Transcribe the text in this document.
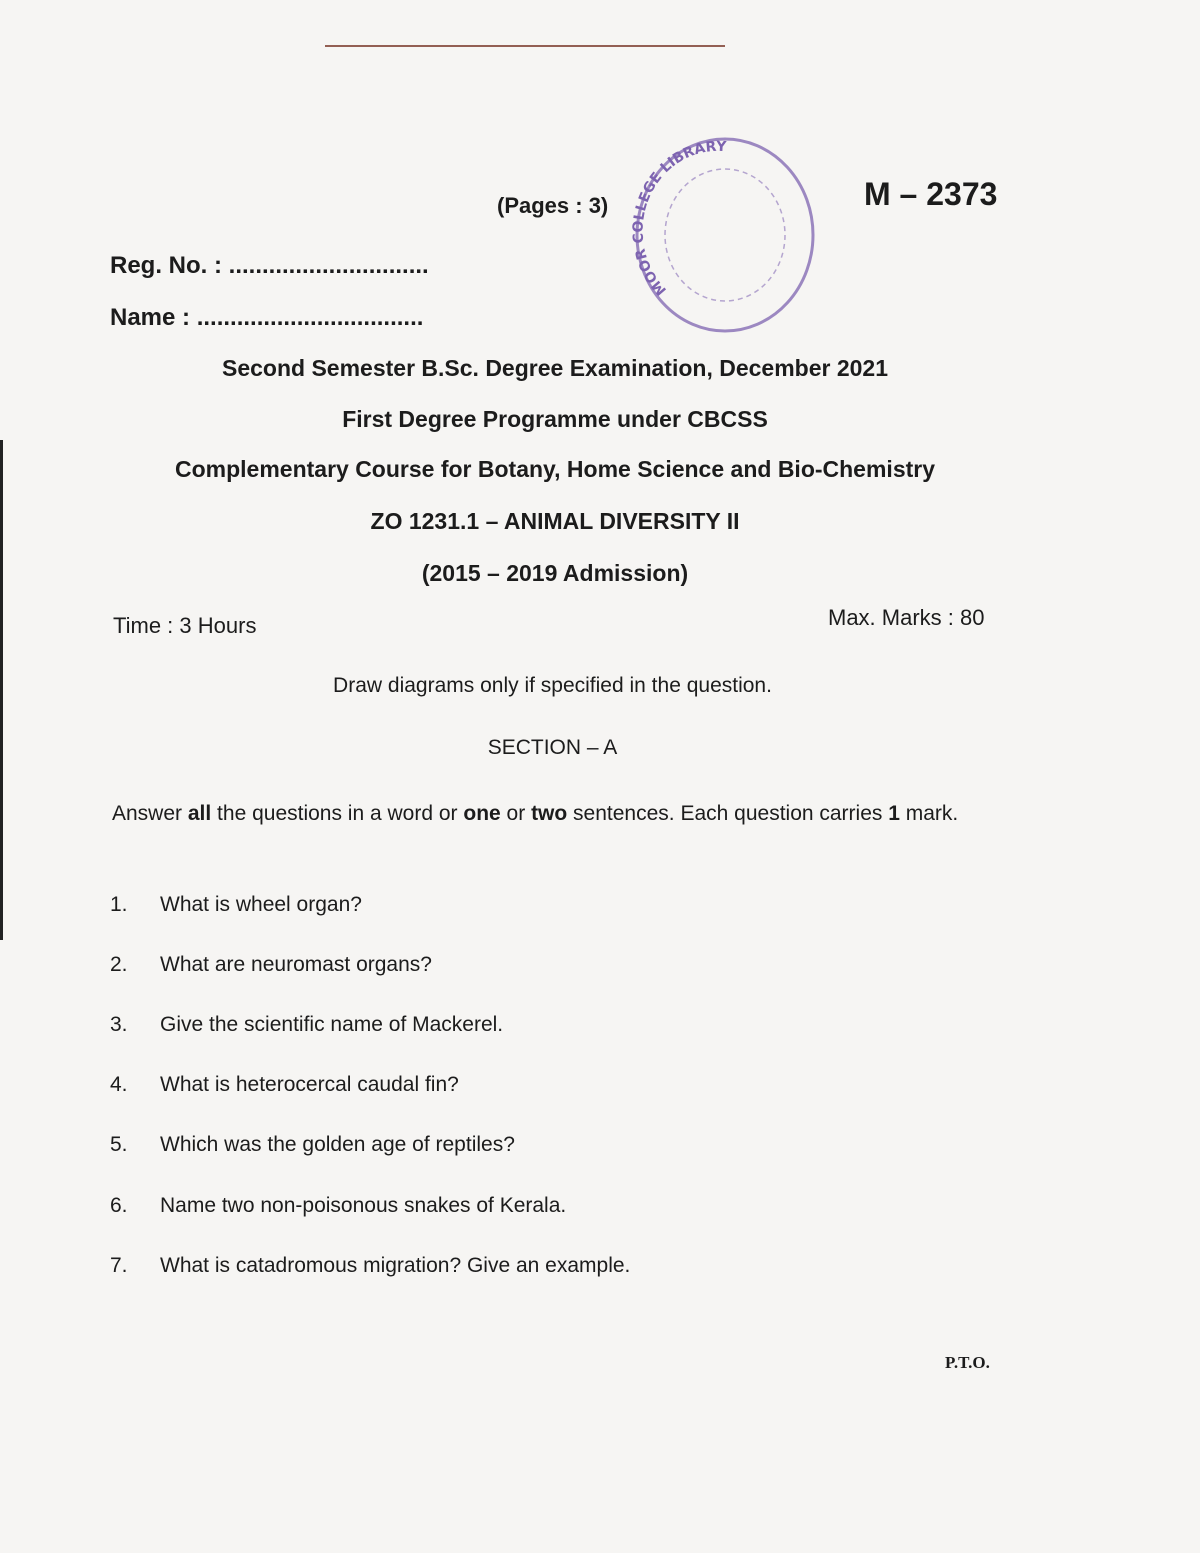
(Pages : 3)	M – 2373
Reg. No. : ..............................
Name : ..................................
MOOR COLLEGE LIBRARY
Second Semester B.Sc. Degree Examination, December 2021
First Degree Programme under CBCSS
Complementary Course for Botany, Home Science and Bio-Chemistry
ZO 1231.1 – ANIMAL DIVERSITY II
(2015 – 2019 Admission)
Time : 3 Hours	Max. Marks : 80
Draw diagrams only if specified in the question.
SECTION – A
Answer all the questions in a word or one or two sentences. Each question carries 1 mark.
1. What is wheel organ?
2. What are neuromast organs?
3. Give the scientific name of Mackerel.
4. What is heterocercal caudal fin?
5. Which was the golden age of reptiles?
6. Name two non-poisonous snakes of Kerala.
7. What is catadromous migration? Give an example.
P.T.O.
